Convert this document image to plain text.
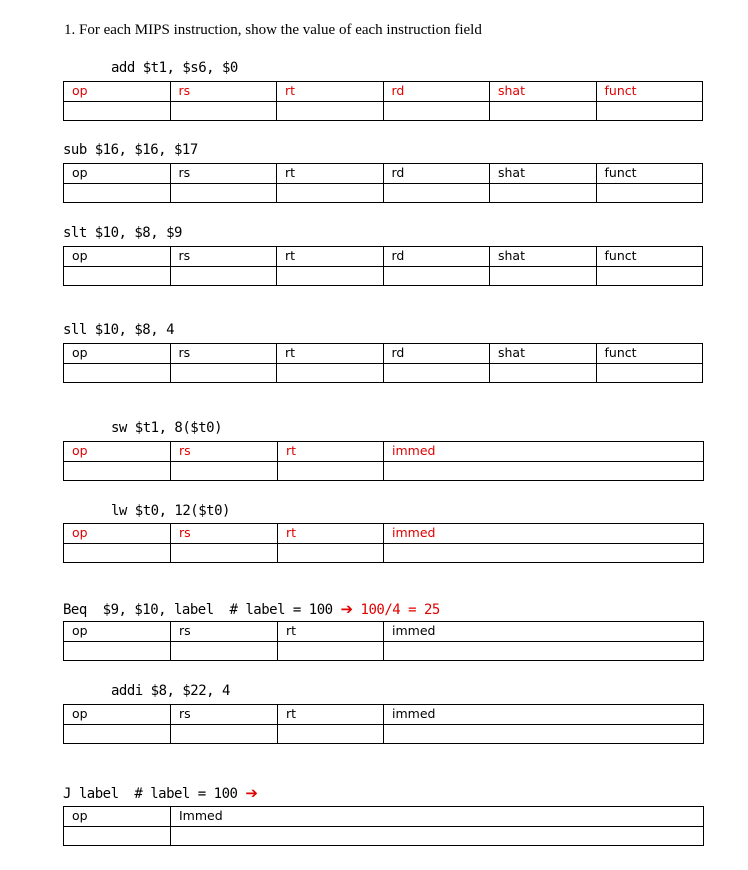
1. For each MIPS instruction, show the value of each instruction field
add $t1, $s6, $0
op	rs	rt	rd	shat	funct

sub $16, $16, $17
op	rs	rt	rd	shat	funct

slt $10, $8, $9
op	rs	rt	rd	shat	funct

sll $10, $8, 4
op	rs	rt	rd	shat	funct

sw $t1, 8($t0)
op	rs	rt	immed

lw $t0, 12($t0)
op	rs	rt	immed

Beq  $9, $10, label  # label = 100 ➔ 100/4 = 25
op	rs	rt	immed

addi $8, $22, 4
op	rs	rt	immed

J label  # label = 100 ➔
op	Immed
